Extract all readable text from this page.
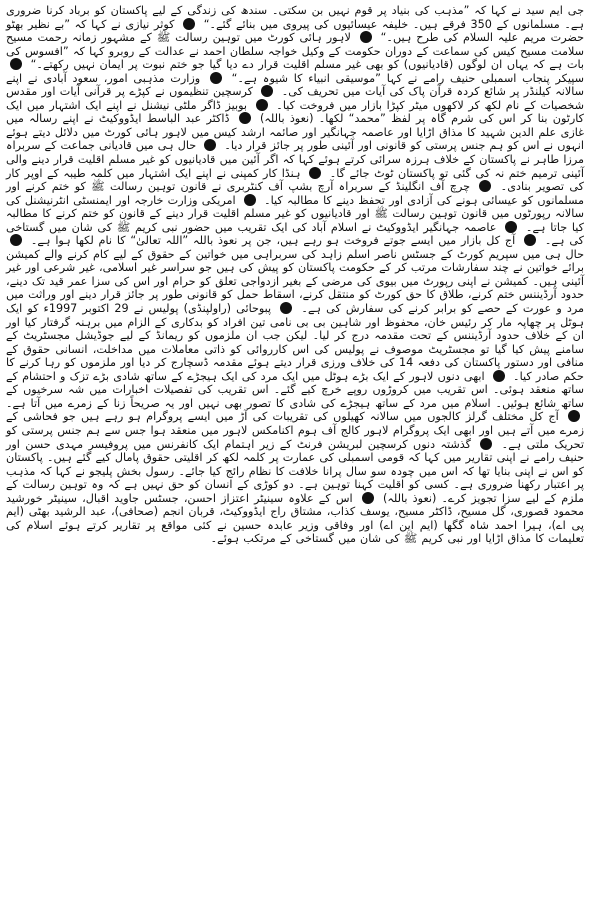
جی ایم سید نے کہا کہ ”مذہب کی بنیاد پر قوم نہیں بن سکتی۔ سندھ کی زندگی کے لیے پاکستان کو برباد کرنا ضروری ہے۔ مسلمانوں کے 350 فرقے ہیں۔ خلیفہ عیسائیوں کی پیروی میں بنائے گئے۔“  کوثر نیازی نے کہا کہ ”بے نظیر بھٹو حضرت مریم علیہ السلام کی طرح ہیں۔“  لاہور ہائی کورٹ میں توہین رسالت ﷺ کے مشہور زمانہ رحمت مسیح سلامت مسیح کیس کی سماعت کے دوران حکومت کے وکیل خواجہ سلطان احمد نے عدالت کے روبرو کہا کہ ”افسوس کی بات ہے کہ یہاں ان لوگوں (قادیانیوں) کو بھی غیر مسلم اقلیت قرار دے دیا گیا جو ختم نبوت پر ایمان نہیں رکھتے۔“  سپیکر پنجاب اسمبلی حنیف رامے نے کہا ”موسیقی انبیاء کا شیوہ ہے۔“  وزارت مذہبی امور، سعود آبادی نے اپنے سالانہ کیلنڈر پر شائع کردہ قرآن پاک کی آیات میں تحریف کی۔  کرسچین تنظیموں نے کپڑے پر قرآنی آیات اور مقدس شخصیات کے نام لکھ کر لاکھوں میٹر کپڑا بازار میں فروخت کیا۔  بوبیز ڈاگر ملٹی نیشنل نے اپنے ایک اشتہار میں ایک کارٹون بنا کر اس کی شرم گاہ پر لفظ ”محمد“ لکھا۔ (نعوذ باللہ)  ڈاکٹر عبد الباسط ایڈووکیٹ نے اپنے رسالہ میں غازی علم الدین شہید کا مذاق اڑایا اور عاصمہ جہانگیر اور صائمہ ارشد کیس میں لاہور ہائی کورٹ میں دلائل دیتے ہوئے انہوں نے اس کو ہم جنس پرستی کو قانونی اور آئینی طور پر جائز قرار دیا۔  حال ہی میں قادیانی جماعت کے سربراہ مرزا طاہر نے پاکستان کے خلاف ہرزہ سرائی کرتے ہوئے کہا کہ اگر آئین میں قادیانیوں کو غیر مسلم اقلیت قرار دینے والی آئینی ترمیم ختم نہ کی گئی تو پاکستان ٹوٹ جائے گا۔  ہنڈا کار کمپنی نے اپنے ایک اشتہار میں کلمہ طیبہ کے اوپر کار کی تصویر بنادی۔  چرچ آف انگلینڈ کے سربراہ آرچ بشپ آف کنٹربری نے قانون توہین رسالت ﷺ کو ختم کرنے اور مسلمانوں کو عیسائی ہونے کی آزادی اور تحفظ دینے کا مطالبہ کیا۔  امریکی وزارت خارجہ اور ایمنسٹی انٹرنیشنل کی سالانہ رپورٹوں میں قانون توہین رسالت ﷺ اور قادیانیوں کو غیر مسلم اقلیت قرار دینے کے قانون کو ختم کرنے کا مطالبہ کیا جاتا ہے۔  عاصمہ جہانگیر ایڈووکیٹ نے اسلام آباد کی ایک تقریب میں حضور نبی کریم ﷺ کی شان میں گستاخی کی ہے۔  آج کل بازار میں ایسے جوتے فروخت ہو رہے ہیں، جن پر نعوذ باللہ ”اللہ تعالیٰ“ کا نام لکھا ہوا ہے۔  حال ہی میں سپریم کورٹ کے جسٹس ناصر اسلم زاہد کی سربراہی میں خواتین کے حقوق کے لیے کام کرنے والے کمیشن برائے خواتین نے چند سفارشات مرتب کر کے حکومت پاکستان کو پیش کی ہیں جو سراسر غیر اسلامی، غیر شرعی اور غیر آئینی ہیں۔ کمیشن نے اپنی رپورٹ میں بیوی کی مرضی کے بغیر ازدواجی تعلق کو حرام اور اس کی سزا عمر قید تک دینے، حدود آرڈیننس ختم کرنے، طلاق کا حق کورٹ کو منتقل کرنے، اسقاط حمل کو قانونی طور پر جائز قرار دینے اور وراثت میں مرد و عورت کے حصے کو برابر کرنے کی سفارش کی ہے۔  پبوحائی (راولپنڈی) پولیس نے 29 اکتوبر 1997ء کو ایک ہوٹل پر چھاپہ مار کر رئیس خان، محفوظ اور شاہین بی بی نامی تین افراد کو بدکاری کے الزام میں برہنہ گرفتار کیا اور ان کے خلاف حدود آرڈیننس کے تحت مقدمہ درج کر لیا۔ لیکن جب ان ملزموں کو ریمانڈ کے لیے جوڈیشل مجسٹریٹ کے سامنے پیش کیا گیا تو مجسٹریٹ موصوف نے پولیس کی اس کارروائی کو ذاتی معاملات میں مداخلت، انسانی حقوق کے منافی اور دستور پاکستان کی دفعہ 14 کی خلاف ورزی قرار دیتے ہوئے مقدمہ ڈسچارج کر دیا اور ملزموں کو رہا کرنے کا حکم صادر کیا۔  ابھی دنوں لاہور کے ایک بڑے ہوٹل میں ایک مرد کی ایک ہیجڑے کے ساتھ شادی بڑے تزک و احتشام کے ساتھ منعقد ہوئی۔ اس تقریب میں کروڑوں روپے خرچ کیے گئے۔ اس تقریب کی تفصیلات اخبارات میں شہ سرخیوں کے ساتھ شائع ہوئیں۔ اسلام میں مرد کے ساتھ ہیجڑے کی شادی کا تصور بھی نہیں اور یہ صریحاً زنا کے زمرے میں آتا ہے۔  آج کل مختلف گرلز کالجوں میں سالانہ کھیلوں کی تقریبات کی آڑ میں ایسے پروگرام ہو رہے ہیں جو فحاشی کے زمرے میں آتے ہیں اور ابھی ایک پروگرام لاہور کالج آف ہوم اکنامکس لاہور میں منعقد ہوا جس سے ہم جنس پرستی کو تحریک ملتی ہے۔  گذشتہ دنوں کرسچین لبریشن فرنٹ کے زیر اہتمام ایک کانفرنس میں پروفیسر مہدی حسن اور حنیف رامے نے اپنی تقاریر میں کہا کہ قومی اسمبلی کی عمارت پر کلمہ لکھ کر اقلیتی حقوق پامال کیے گئے ہیں۔ پاکستان کو اس نے اپنی بنایا تھا کہ اس میں چودہ سو سال پرانا خلافت کا نظام رائج کیا جائے۔ رسول بخش پلیجو نے کہا کہ مذہب پر اعتبار رکھنا ضروری ہے۔ کسی کو اقلیت کہنا توہین ہے۔ دو کوڑی کے انسان کو حق نہیں ہے کہ وہ توہین رسالت کے ملزم کے لیے سزا تجویز کرے۔ (نعوذ باللہ)  اس کے علاوہ سینیٹر اعتزاز احسن، جسٹس جاوید اقبال، سینیٹر خورشید محمود قصوری، گل مسیح، ڈاکٹر مسیح، یوسف کذاب، مشتاق راج ایڈووکیٹ، قربان انجم (صحافی)، عبد الرشید بھٹی (ایم پی اے)، ہیرا احمد شاہ گگھا (ایم این اے) اور وفاقی وزیر عابدہ حسین نے کئی مواقع پر تقاریر کرتے ہوئے اسلام کی تعلیمات کا مذاق اڑایا اور نبی کریم ﷺ کی شان میں گستاخی کے مرتکب ہوئے۔
